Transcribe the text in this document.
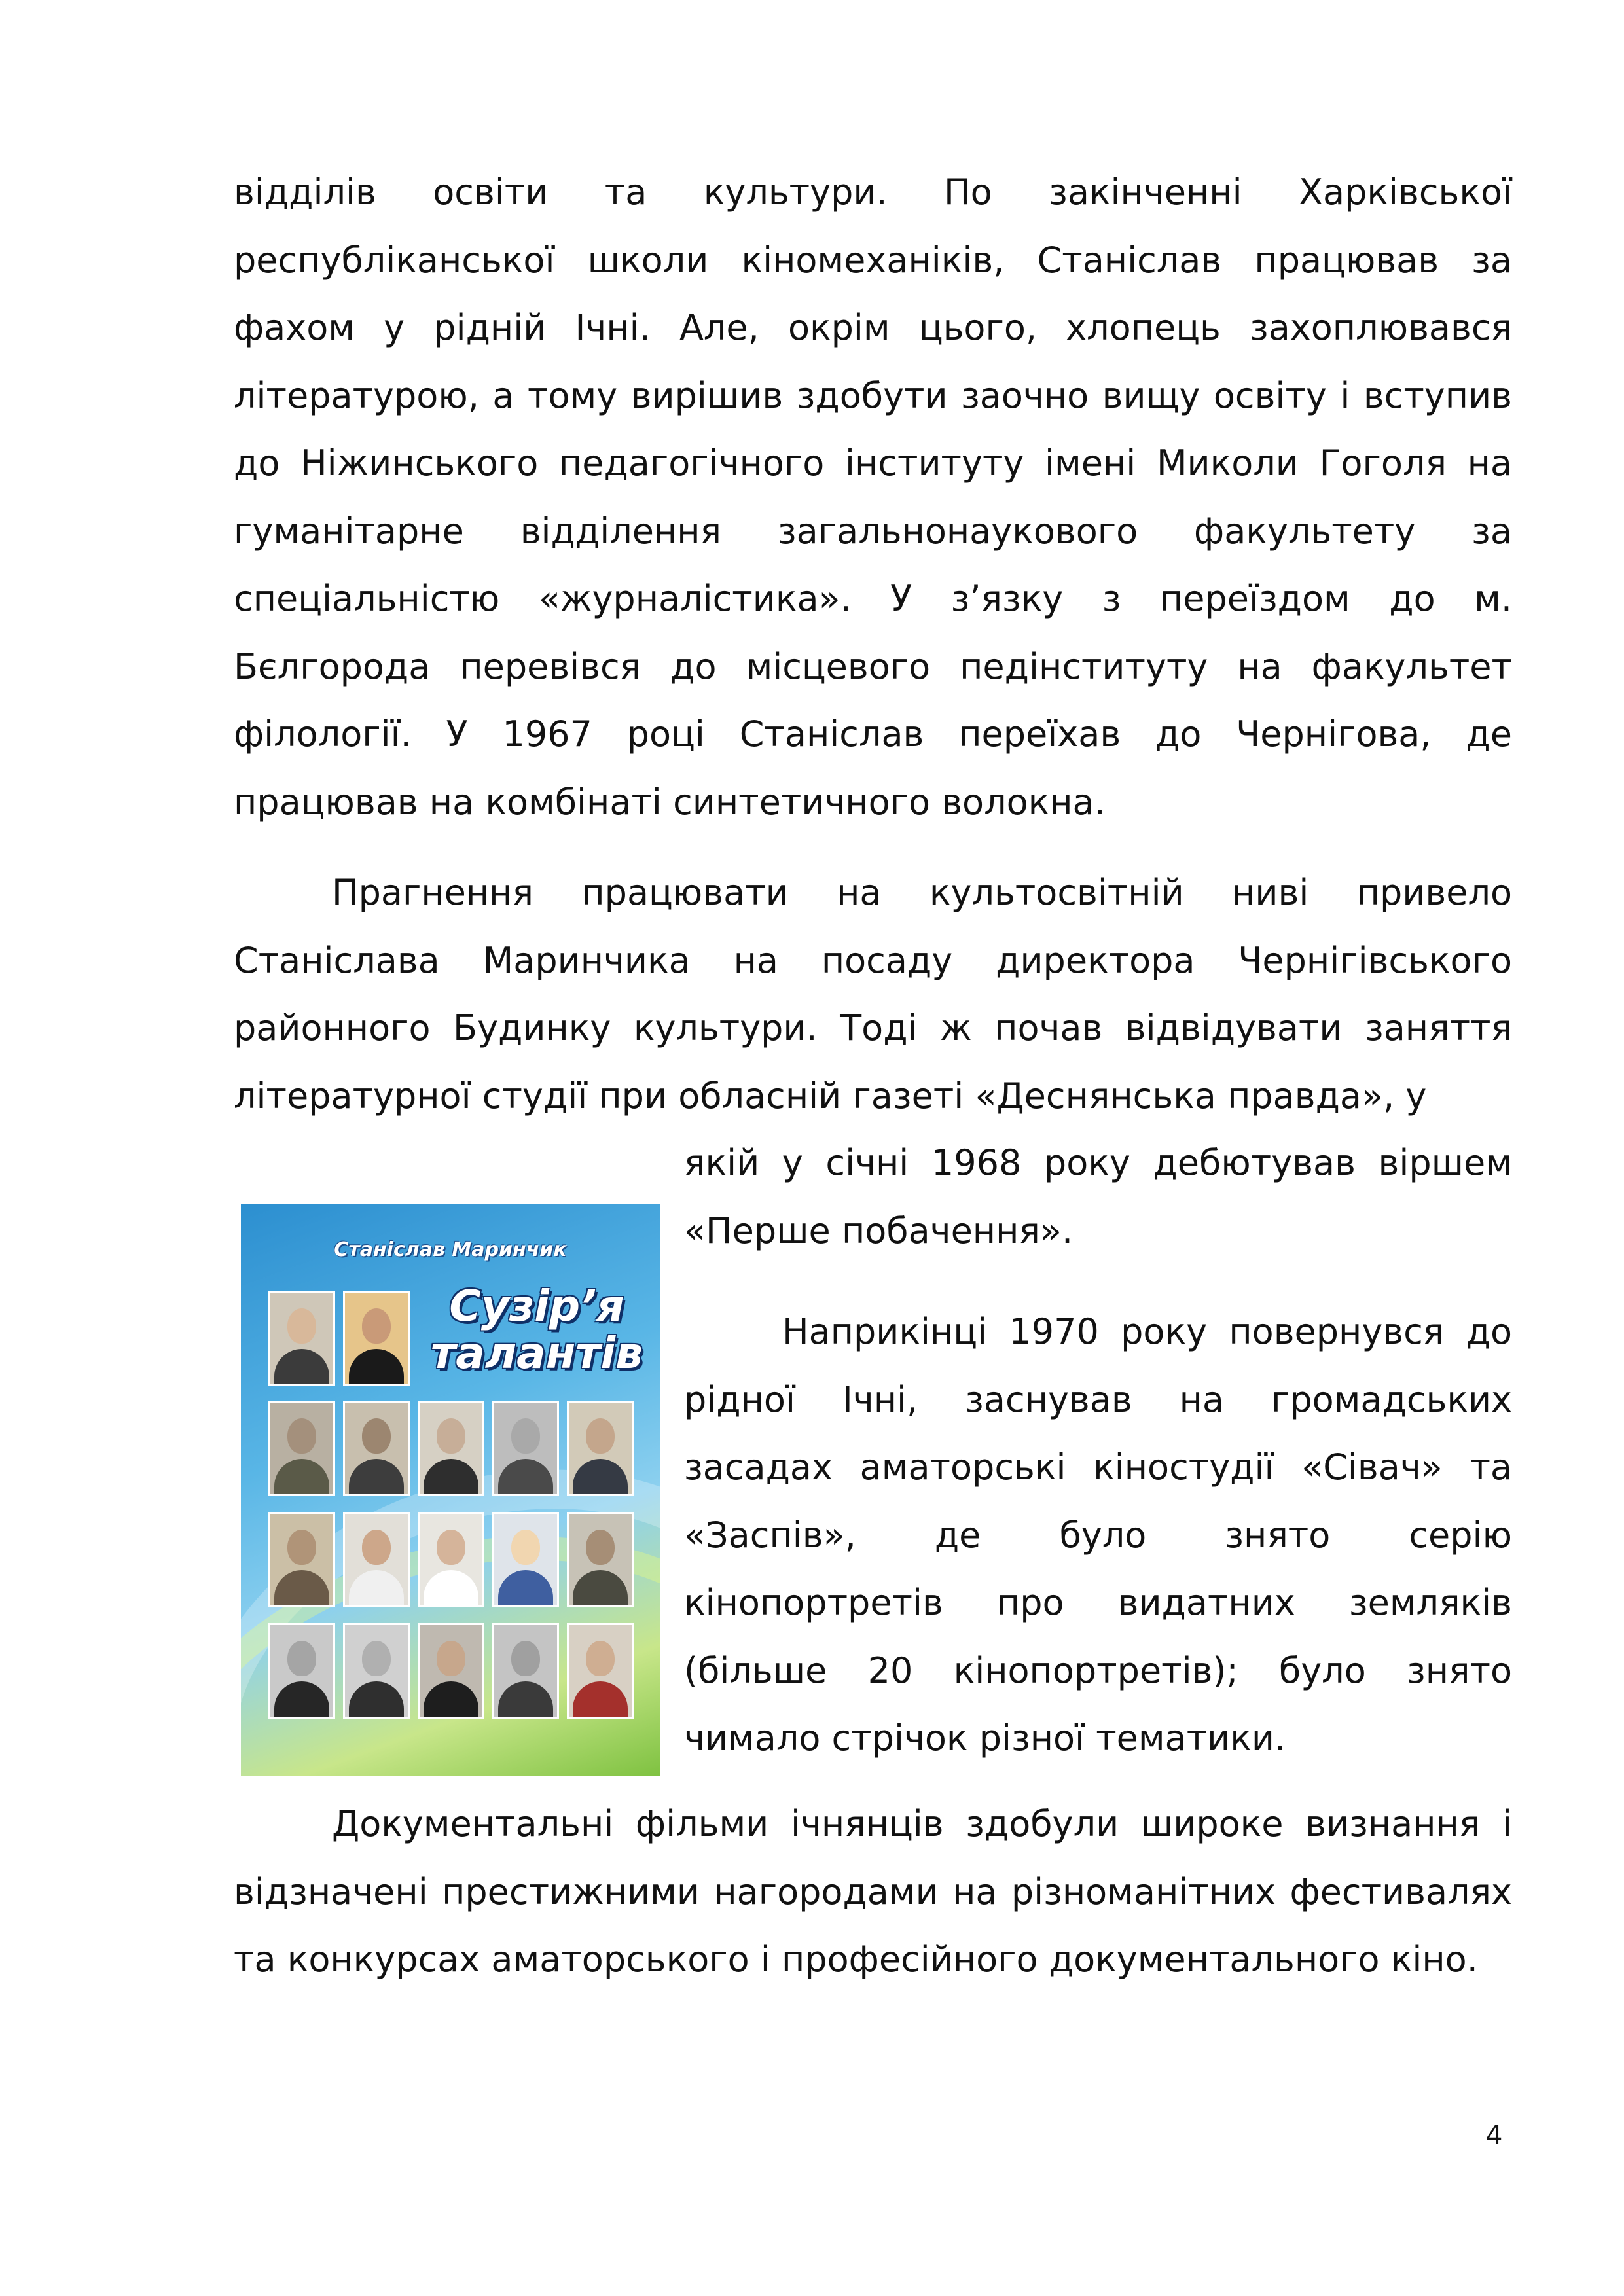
відділів освіти та культури. По закінченні Харківської республіканської школи кіномеханіків, Станіслав працював за фахом у рідній Ічні. Але, окрім цього, хлопець захоплювався літературою, а тому вирішив здобути заочно вищу освіту і вступив до Ніжинського педагогічного інституту імені Миколи Гоголя на гуманітарне відділення загальнонаукового факультету за спеціальністю «журналістика». У з’язку з переїздом до м. Бєлгорода перевівся до місцевого педінституту на факультет філології. У 1967 році Станіслав переїхав до Чернігова, де працював на комбінаті синтетичного волокна.

Прагнення працювати на культосвітній ниві привело Станіслава Маринчика на посаду директора Чернігівського районного Будинку культури. Тоді ж почав відвідувати заняття літературної студії при обласній газеті «Деснянська правда», у

якій у січні 1968 року дебютував віршем «Перше побачення».

Наприкінці 1970 року повернувся до рідної Ічні, заснував на громадських засадах аматорські кіностудії «Сівач» та «Заспів», де було знято серію кінопортретів про видатних земляків (більше 20 кінопортретів); було знято чимало стрічок різної тематики.

Станіслав Маринчик
Сузір’я
талантів

Документальні фільми ічнянців здобули широке визнання і відзначені престижними нагородами на різноманітних фестивалях та конкурсах аматорського і професійного документального кіно.

4
